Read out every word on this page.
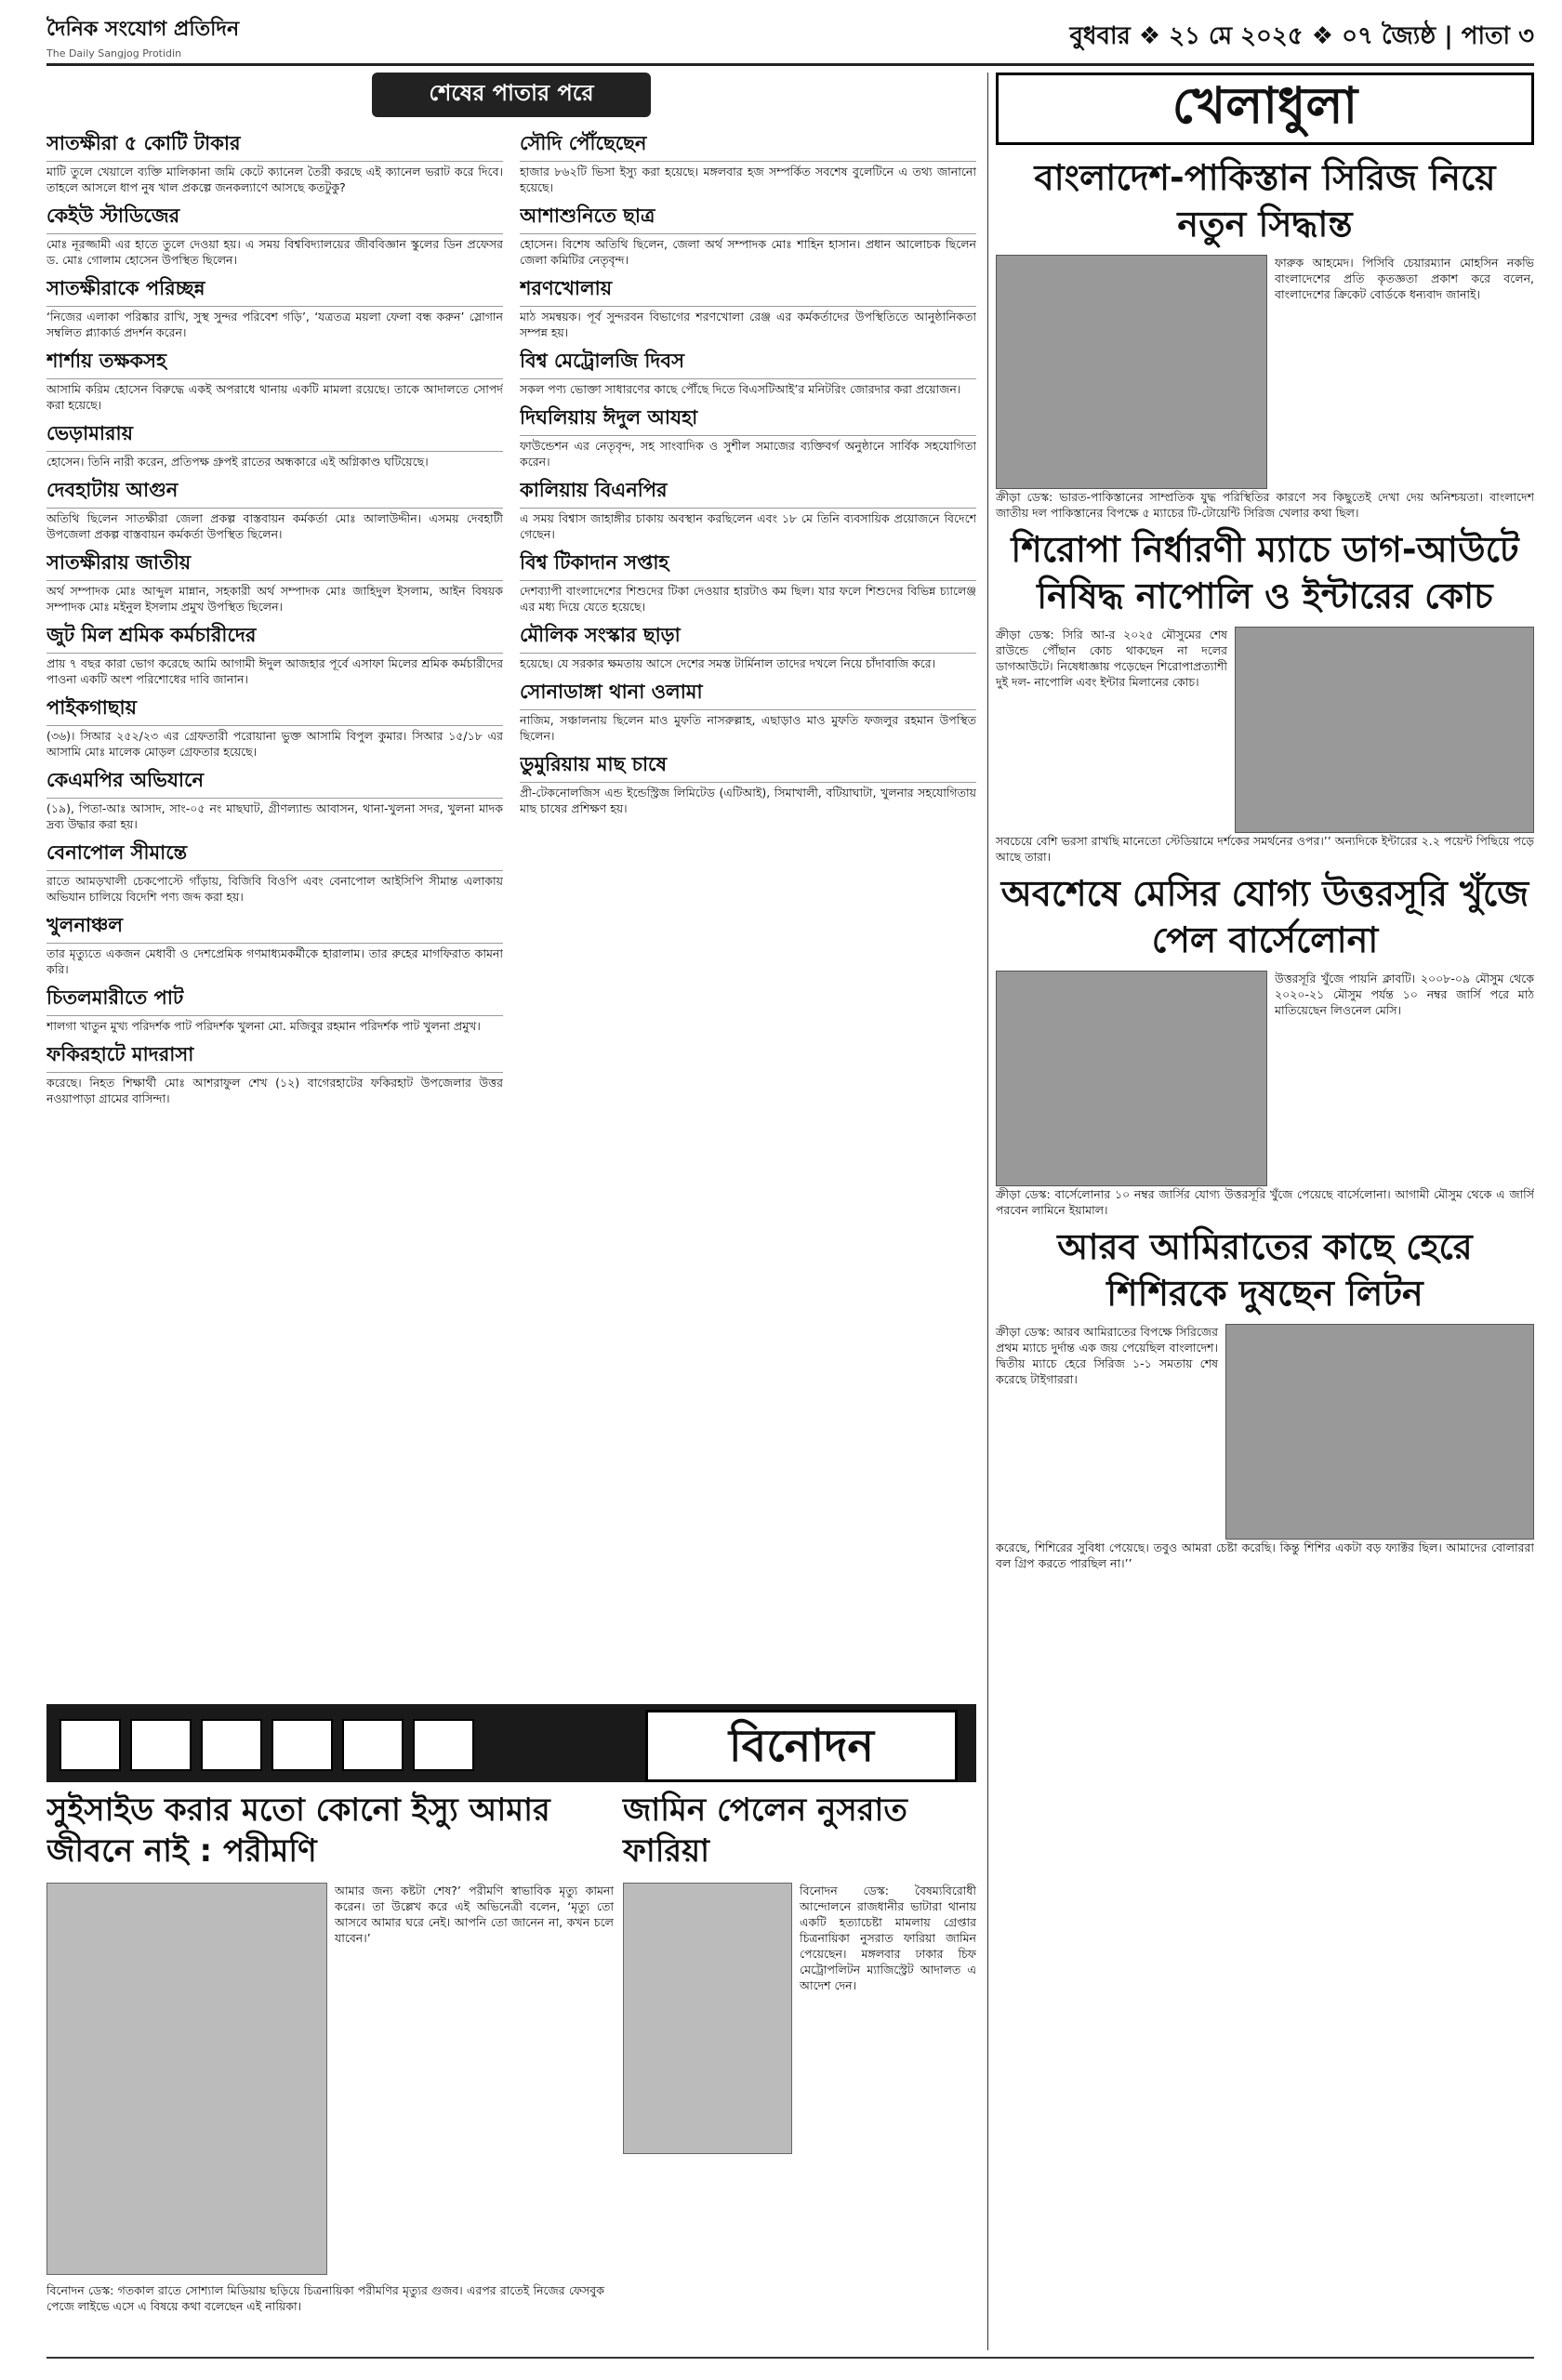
দৈনিক সংযোগ প্রতিদিন
The Daily Sangjog Protidin
বুধবার ❖ ২১ মে ২০২৫ ❖ ০৭ জ্যৈষ্ঠ | পাতা ৩
শেষের পাতার পরে
সাতক্ষীরা ৫ কোটি টাকার

মাটি তুলে খেয়ালে ব্যক্তি মালিকানা জমি কেটে ক্যানেল তৈরী করছে এই ক্যানেল ভরাট করে দিবে। তাহলে আসলে ধাপ নুষ খাল প্রকল্পে জনকল্যাণে আসছে কতটুকু?

কেইউ স্টাডিজের

মোঃ নূরজ্জামী এর হাতে তুলে দেওয়া হয়। এ সময় বিশ্ববিদ্যালয়ের জীববিজ্ঞান স্কুলের ডিন প্রফেসর ড. মোঃ গোলাম হোসেন উপস্থিত ছিলেন।

সাতক্ষীরাকে পরিচ্ছন্ন

‘নিজের এলাকা পরিষ্কার রাখি, সুস্থ সুন্দর পরিবেশ গড়ি’, ‘যত্রতত্র ময়লা ফেলা বন্ধ করুন’ স্লোগান সম্বলিত প্ল্যাকার্ড প্রদর্শন করেন।

শার্শায় তক্ষকসহ

আসামি করিম হোসেন বিরুদ্ধে একই অপরাধে থানায় একটি মামলা রয়েছে। তাকে আদালতে সোপর্দ করা হয়েছে।

ভেড়ামারায়

হোসেন। তিনি নারী করেন, প্রতিপক্ষ গ্রুপই রাতের অন্ধকারে এই অগ্নিকাণ্ড ঘটিয়েছে।

দেবহাটায় আগুন

অতিথি ছিলেন সাতক্ষীরা জেলা প্রকল্প বাস্তবায়ন কর্মকর্তা মোঃ আলাউদ্দীন। এসময় দেবহাটী উপজেলা প্রকল্প বাস্তবায়ন কর্মকর্তা উপস্থিত ছিলেন।

সাতক্ষীরায় জাতীয়

অর্থ সম্পাদক মোঃ আব্দুল মান্নান, সহকারী অর্থ সম্পাদক মোঃ জাহিদুল ইসলাম, আইন বিষয়ক সম্পাদক মোঃ মইনুল ইসলাম প্রমুখ উপস্থিত ছিলেন।

জুট মিল শ্রমিক কর্মচারীদের

প্রায় ৭ বছর কারা ভোগ করেছে আমি আগামী ঈদুল আজহার পূর্বে এসাফা মিলের শ্রমিক কর্মচারীদের পাওনা একটি অংশ পরিশোধের দাবি জানান।

পাইকগাছায়

(৩৬)। সিআর ২৫২/২৩ এর গ্রেফতারী পরোয়ানা ভুক্ত আসামি বিপুল কুমার। সিআর ১৫/১৮ এর আসামি মোঃ মালেক মোড়ল গ্রেফতার হয়েছে।

কেএমপির অভিযানে

(১৯), পিতা-আঃ আসাদ, সাং-০৫ নং মাছঘাট, গ্রীণল্যান্ড আবাসন, থানা-খুলনা সদর, খুলনা মাদক দ্রব্য উদ্ধার করা হয়।

বেনাপোল সীমান্তে

রাতে আমড়খালী চেকপোস্টে গাঁড়ায়, বিজিবি বিওপি এবং বেনাপোল আইসিপি সীমান্ত এলাকায় অভিযান চালিয়ে বিদেশি পণ্য জব্দ করা হয়।

খুলনাঞ্চল

তার মৃত্যুতে একজন মেধাবী ও দেশপ্রেমিক গণমাধ্যমকর্মীকে হারালাম। তার রুহের মাগফিরাত কামনা করি।

চিতলমারীতে পাট

শালগা খাতুন মুখ্য পরিদর্শক পাট পরিদর্শক খুলনা মো. মজিবুর রহমান পরিদর্শক পাট খুলনা প্রমুখ।

ফকিরহাটে মাদরাসা

করেছে। নিহত শিক্ষার্থী মোঃ আশরাফুল শেখ (১২) বাগেরহাটের ফকিরহাট উপজেলার উত্তর নওয়াপাড়া গ্রামের বাসিন্দা।

সৌদি পৌঁছেছেন

হাজার ৮৬২টি ভিসা ইস্যু করা হয়েছে। মঙ্গলবার হজ সম্পর্কিত সবশেষ বুলেটিনে এ তথ্য জানানো হয়েছে।

আশাশুনিতে ছাত্র

হোসেন। বিশেষ অতিথি ছিলেন, জেলা অর্থ সম্পাদক মোঃ শাহিন হাসান। প্রধান আলোচক ছিলেন জেলা কমিটির নেতৃবৃন্দ।

শরণখোলায়

মাঠ সমন্বয়ক। পূর্ব সুন্দরবন বিভাগের শরণখোলা রেঞ্জ এর কর্মকর্তাদের উপস্থিতিতে আনুষ্ঠানিকতা সম্পন্ন হয়।

বিশ্ব মেট্রোলজি দিবস

সকল পণ্য ভোক্তা সাধারণের কাছে পৌঁছে দিতে বিএসটিআই’র মনিটরিং জোরদার করা প্রয়োজন।

দিঘলিয়ায় ঈদুল আযহা

ফাউন্ডেশন এর নেতৃবৃন্দ, সহ সাংবাদিক ও সুশীল সমাজের ব্যক্তিবর্গ অনুষ্ঠানে সার্বিক সহযোগিতা করেন।

কালিয়ায় বিএনপির

এ সময় বিশ্বাস জাহাঙ্গীর চাকায় অবস্থান করছিলেন এবং ১৮ মে তিনি ব্যবসায়িক প্রয়োজনে বিদেশে গেছেন।

বিশ্ব টিকাদান সপ্তাহ

দেশব্যাপী বাংলাদেশের শিশুদের টিকা দেওয়ার হারটাও কম ছিল। যার ফলে শিশুদের বিভিন্ন চ্যালেঞ্জ এর মধ্য দিয়ে যেতে হয়েছে।

মৌলিক সংস্কার ছাড়া

হয়েছে। যে সরকার ক্ষমতায় আসে দেশের সমস্ত টার্মিনাল তাদের দখলে নিয়ে চাঁদাবাজি করে।

সোনাডাঙ্গা থানা ওলামা

নাজিম, সঞ্চালনায় ছিলেন মাও মুফতি নাসরুল্লাহ, এছাড়াও মাও মুফতি ফজলুর রহমান উপস্থিত ছিলেন।

ডুমুরিয়ায় মাছ চাষে

প্রী-টেকনোলজিস এন্ড ইন্ডেস্ট্রিজ লিমিটেড (এটিআই), সিমাখালী, বটিয়াঘাটা, খুলনার সহযোগিতায় মাছ চাষের প্রশিক্ষণ হয়।

বিনোদন
সুইসাইড করার মতো কোনো ইস্যু আমার জীবনে নাই : পরীমণি
জামিন পেলেন নুসরাত ফারিয়া

আমার জন্য কষ্টটা শেষ?’ পরীমণি স্বাভাবিক মৃত্যু কামনা করেন। তা উল্লেখ করে এই অভিনেত্রী বলেন, ‘মৃত্যু তো আসবে আমার ঘরে নেই। আপনি তো জানেন না, কখন চলে যাবেন।’

বিনোদন ডেস্ক: গতকাল রাতে সোশ্যাল মিডিয়ায় ছড়িয়ে চিত্রনায়িকা পরীমণির মৃত্যুর গুজব। এরপর রাতেই নিজের ফেসবুক পেজে লাইভে এসে এ বিষয়ে কথা বলেছেন এই নায়িকা।

বিনোদন ডেস্ক: বৈষম্যবিরোধী আন্দোলনে রাজধানীর ভাটারা থানায় একটি হত্যাচেষ্টা মামলায় গ্রেপ্তার চিত্রনায়িকা নুসরাত ফারিয়া জামিন পেয়েছেন। মঙ্গলবার ঢাকার চিফ মেট্রোপলিটন ম্যাজিস্ট্রেট আদালত এ আদেশ দেন।

খেলাধুলা
বাংলাদেশ-পাকিস্তান সিরিজ নিয়ে নতুন সিদ্ধান্ত

ফারুক আহমেদ। পিসিবি চেয়ারম্যান মোহসিন নকভি বাংলাদেশের প্রতি কৃতজ্ঞতা প্রকাশ করে বলেন, বাংলাদেশের ক্রিকেট বোর্ডকে ধন্যবাদ জানাই।

ক্রীড়া ডেস্ক: ভারত-পাকিস্তানের সাম্প্রতিক যুদ্ধ পরিস্থিতির কারণে সব কিছুতেই দেখা দেয় অনিশ্চয়তা। বাংলাদেশ জাতীয় দল পাকিস্তানের বিপক্ষে ৫ ম্যাচের টি-টোয়েন্টি সিরিজ খেলার কথা ছিল।

শিরোপা নির্ধারণী ম্যাচে ডাগ-আউটে নিষিদ্ধ নাপোলি ও ইন্টারের কোচ

ক্রীড়া ডেস্ক: সিরি আ-র ২০২৫ মৌসুমের শেষ রাউন্ডে পৌঁছান কোচ থাকছেন না দলের ডাগআউটে। নিষেধাজ্ঞায় পড়েছেন শিরোপাপ্রত্যাশী দুই দল- নাপোলি এবং ইন্টার মিলানের কোচ।

সবচেয়ে বেশি ভরসা রাখছি মানেতো স্টেডিয়ামে দর্শকের সমর্থনের ওপর।’’ অন্যদিকে ইন্টারের ২.২ পয়েন্ট পিছিয়ে পড়ে আছে তারা।

অবশেষে মেসির যোগ্য উত্তরসূরি খুঁজে পেল বার্সেলোনা

উত্তরসূরি খুঁজে পায়নি ক্লাবটি। ২০০৮-০৯ মৌসুম থেকে ২০২০-২১ মৌসুম পর্যন্ত ১০ নম্বর জার্সি পরে মাঠ মাতিয়েছেন লিওনেল মেসি।

ক্রীড়া ডেস্ক: বার্সেলোনার ১০ নম্বর জার্সির যোগ্য উত্তরসূরি খুঁজে পেয়েছে বার্সেলোনা। আগামী মৌসুম থেকে এ জার্সি পরবেন লামিনে ইয়ামাল।

আরব আমিরাতের কাছে হেরে শিশিরকে দুষছেন লিটন

ক্রীড়া ডেস্ক: আরব আমিরাতের বিপক্ষে সিরিজের প্রথম ম্যাচে দুর্দান্ত এক জয় পেয়েছিল বাংলাদেশ। দ্বিতীয় ম্যাচে হেরে সিরিজ ১-১ সমতায় শেষ করেছে টাইগাররা।

করেছে, শিশিরের সুবিধা পেয়েছে। তবুও আমরা চেষ্টা করেছি। কিন্তু শিশির একটা বড় ফ্যাক্টর ছিল। আমাদের বোলাররা বল গ্রিপ করতে পারছিল না।’’
